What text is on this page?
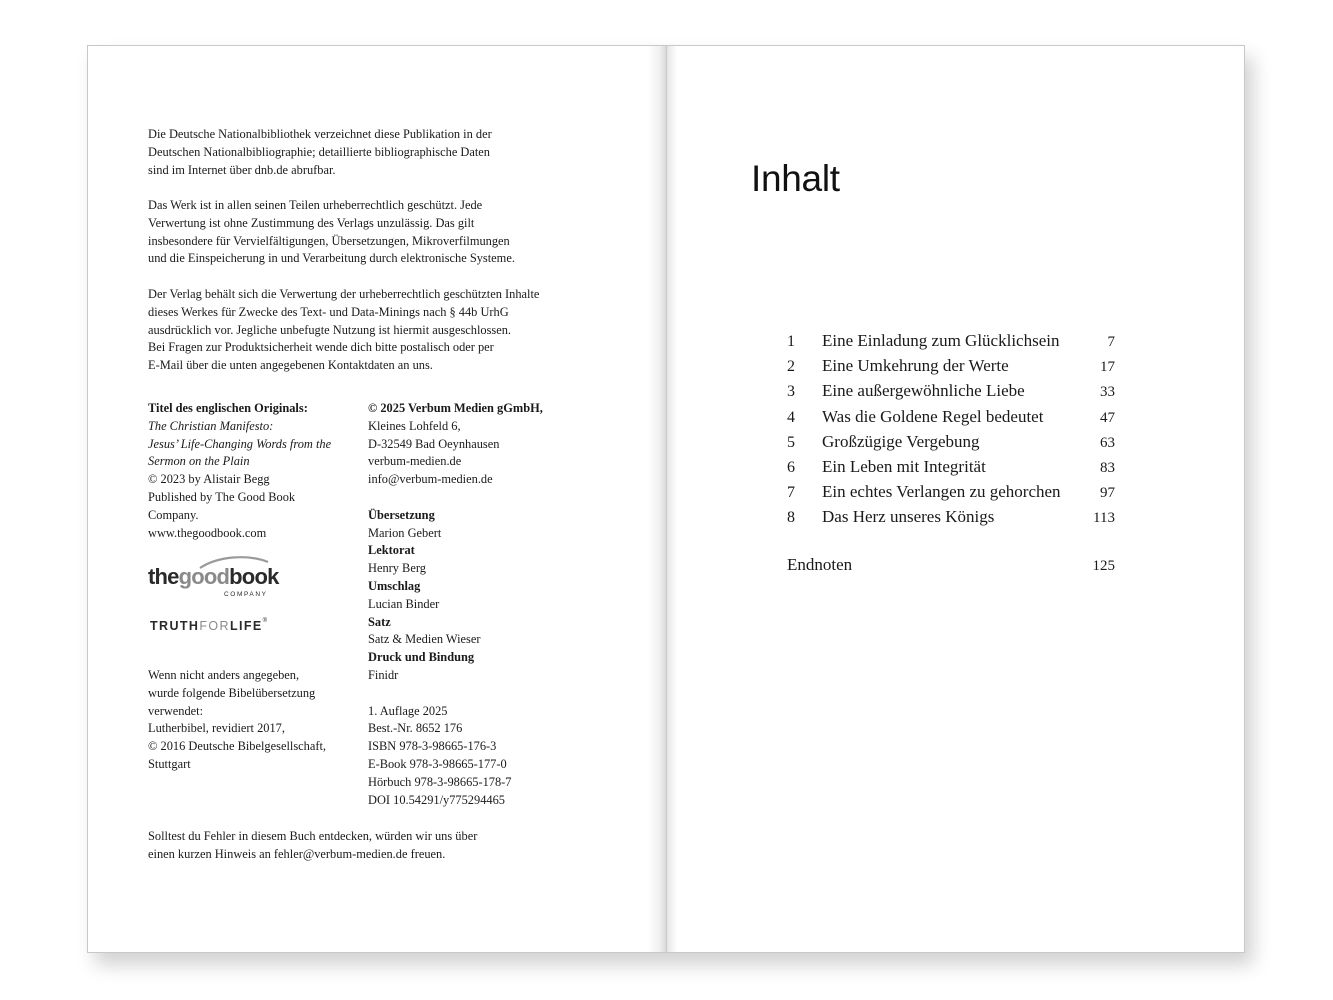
Die Deutsche Nationalbibliothek verzeichnet diese Publikation in der
Deutschen Nationalbibliographie; detaillierte bibliographische Daten
sind im Internet über dnb.de abrufbar.
Das Werk ist in allen seinen Teilen urheberrechtlich geschützt. Jede
Verwertung ist ohne Zustimmung des Verlags unzulässig. Das gilt
insbesondere für Vervielfältigungen, Übersetzungen, Mikroverfilmungen
und die Einspeicherung in und Verarbeitung durch elektronische Systeme.
Der Verlag behält sich die Verwertung der urheberrechtlich geschützten Inhalte
dieses Werkes für Zwecke des Text- und Data-Minings nach § 44b UrhG
ausdrücklich vor. Jegliche unbefugte Nutzung ist hiermit ausgeschlossen.
Bei Fragen zur Produktsicherheit wende dich bitte postalisch oder per
E-Mail über die unten angegebenen Kontaktdaten an uns.
Titel des englischen Originals:
The Christian Manifesto:
Jesus’ Life-Changing Words from the
Sermon on the Plain
© 2023 by Alistair Begg
Published by The Good Book
Company.
www.thegoodbook.com
thegoodbook
COMPANY
TRUTHFORLIFE®
Wenn nicht anders angegeben,
wurde folgende Bibelübersetzung
verwendet:
Lutherbibel, revidiert 2017,
© 2016 Deutsche Bibelgesellschaft,
Stuttgart
© 2025 Verbum Medien gGmbH,
Kleines Lohfeld 6,
D-32549 Bad Oeynhausen
verbum-medien.de
info@verbum-medien.de
Übersetzung
Marion Gebert
Lektorat
Henry Berg
Umschlag
Lucian Binder
Satz
Satz & Medien Wieser
Druck und Bindung
Finidr
1. Auflage 2025
Best.-Nr. 8652 176
ISBN 978-3-98665-176-3
E-Book 978-3-98665-177-0
Hörbuch 978-3-98665-178-7
DOI 10.54291/y775294465
Solltest du Fehler in diesem Buch entdecken, würden wir uns über
einen kurzen Hinweis an fehler@verbum-medien.de freuen.
Inhalt
1 Eine Einladung zum Glücklichsein	7
2 Eine Umkehrung der Werte	17
3 Eine außergewöhnliche Liebe	33
4 Was die Goldene Regel bedeutet	47
5 Großzügige Vergebung	63
6 Ein Leben mit Integrität	83
7 Ein echtes Verlangen zu gehorchen	97
8 Das Herz unseres Königs	113
Endnoten	125
